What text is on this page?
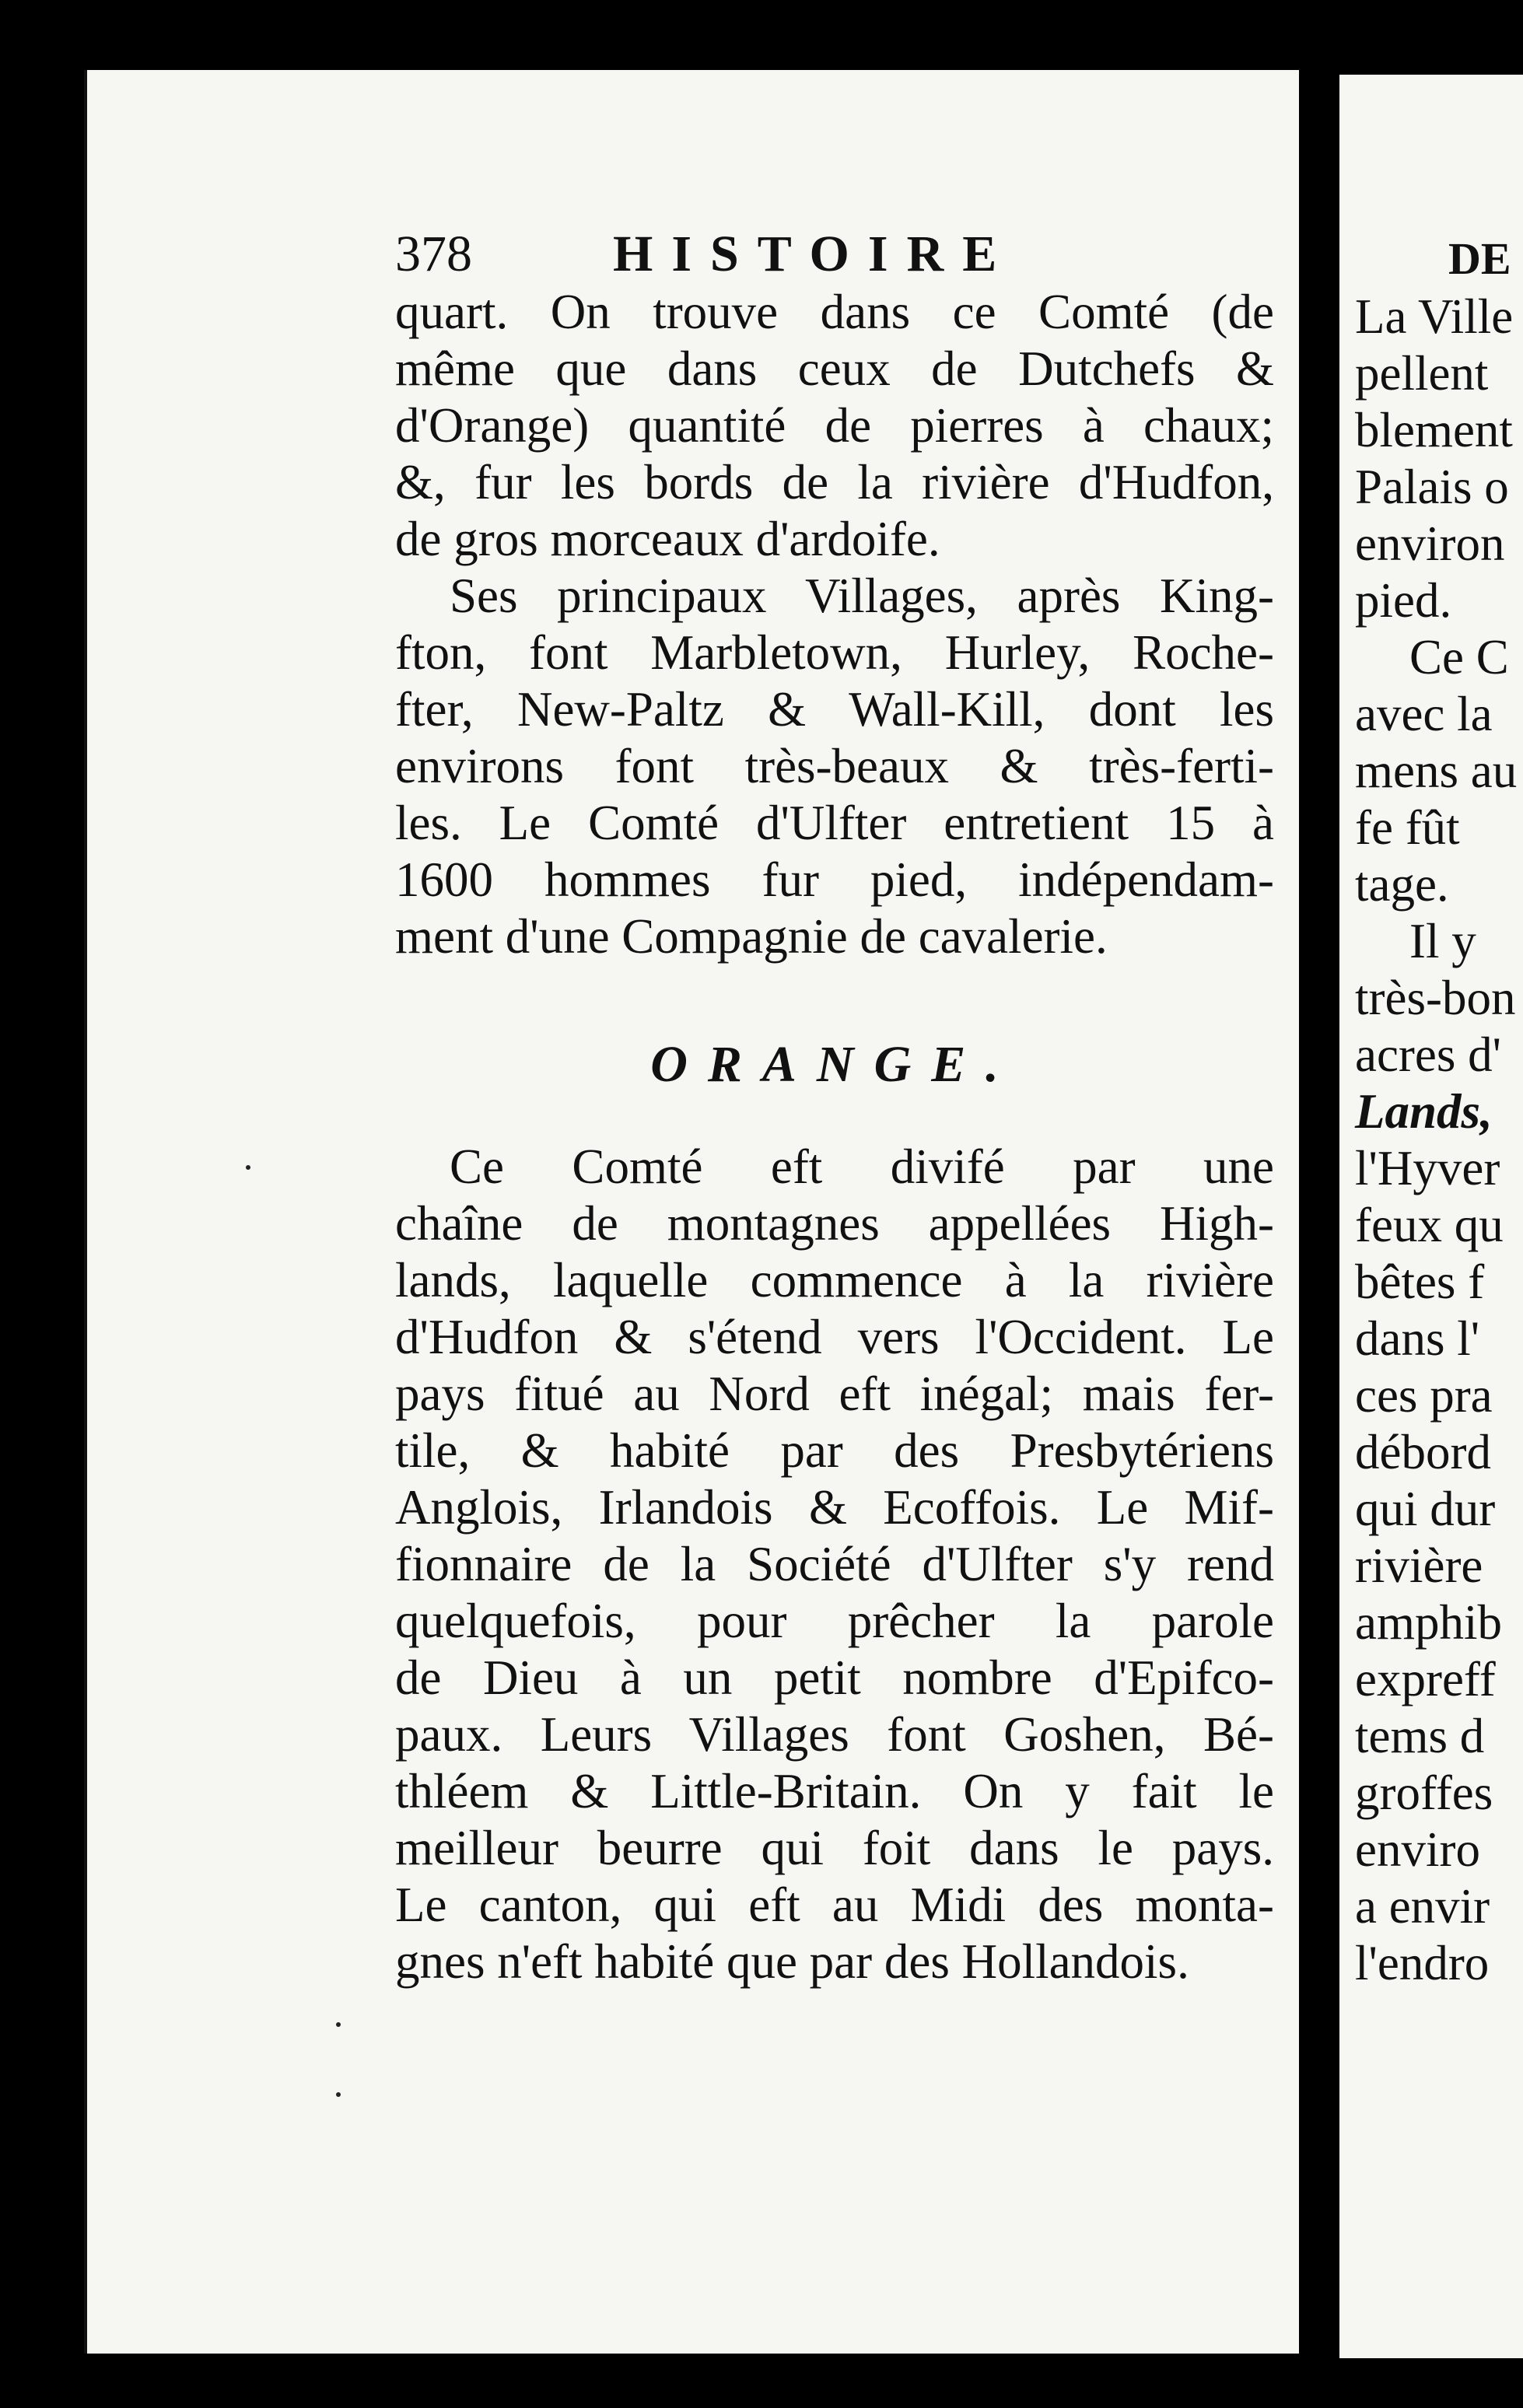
378	HISTOIRE
quart. On trouve dans ce Comté (de
même que dans ceux de Dutchefs &
d'Orange) quantité de pierres à chaux;
&, fur les bords de la rivière d'Hudfon,
de gros morceaux d'ardoife.
Ses principaux Villages, après King-
fton, font Marbletown, Hurley, Roche-
fter, New-Paltz & Wall-Kill, dont les
environs font très-beaux & très-ferti-
les. Le Comté d'Ulfter entretient 15 à
1600 hommes fur pied, indépendam-
ment d'une Compagnie de cavalerie.
ORANGE.
Ce Comté eft divifé par une
chaîne de montagnes appellées High-
lands, laquelle commence à la rivière
d'Hudfon & s'étend vers l'Occident. Le
pays fitué au Nord eft inégal; mais fer-
tile, & habité par des Presbytériens
Anglois, Irlandois & Ecoffois. Le Mif-
fionnaire de la Société d'Ulfter s'y rend
quelquefois, pour prêcher la parole
de Dieu à un petit nombre d'Epifco-
paux. Leurs Villages font Goshen, Bé-
thléem & Little-Britain. On y fait le
meilleur beurre qui foit dans le pays.
Le canton, qui eft au Midi des monta-
gnes n'eft habité que par des Hollandois.
DE
La Ville
pellent
blement
Palais o
environ
pied.
Ce C
avec la
mens au
fe fût
tage.
Il y
très-bon
acres d'
Lands,
l'Hyver
feux qu
bêtes f
dans l'
ces pra
débord
qui dur
rivière
amphib
expreff
tems d
groffes
enviro
a envir
l'endro
